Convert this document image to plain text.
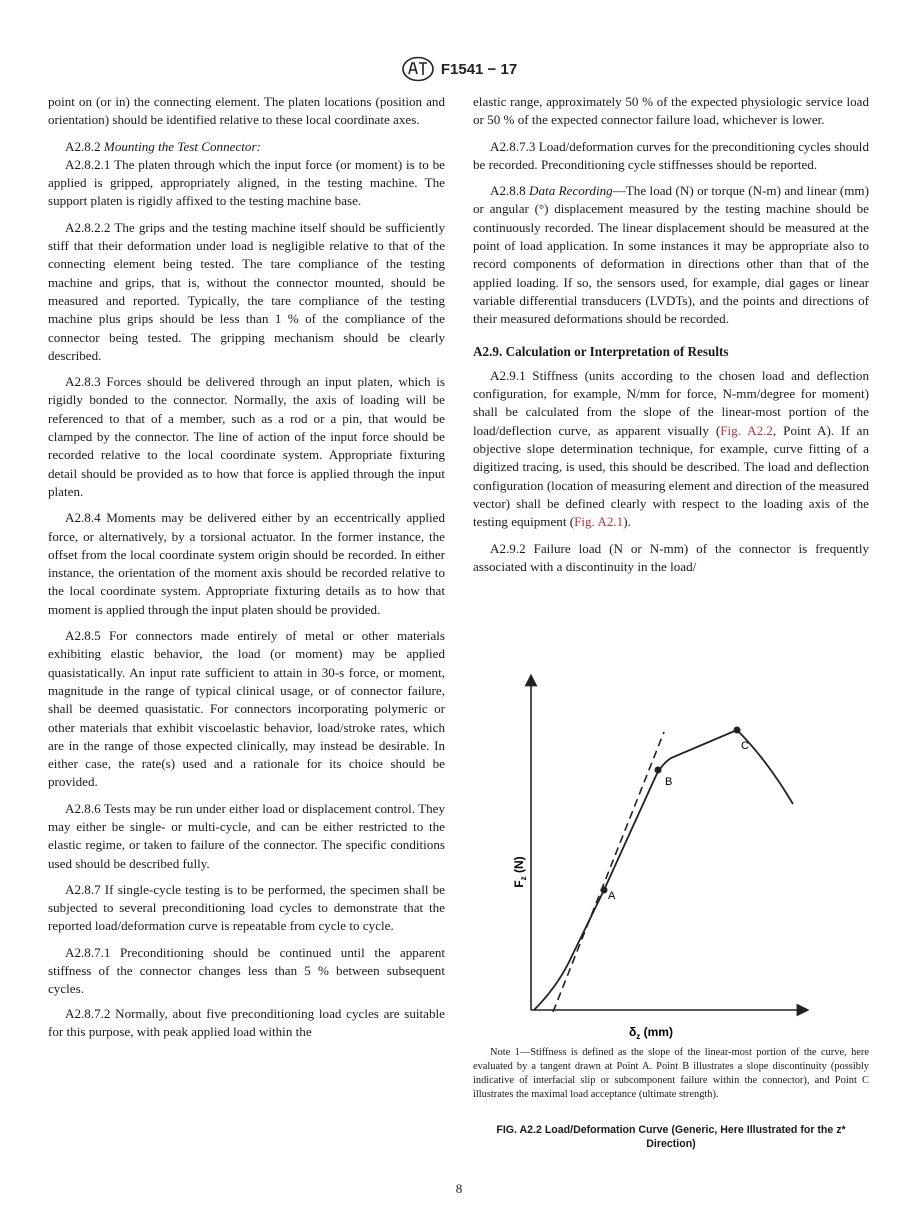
F1541 − 17

point on (or in) the connecting element. The platen locations (position and orientation) should be identified relative to these local coordinate axes.

A2.8.2 Mounting the Test Connector:

A2.8.2.1 The platen through which the input force (or moment) is to be applied is gripped, appropriately aligned, in the testing machine. The support platen is rigidly affixed to the testing machine base.

A2.8.2.2 The grips and the testing machine itself should be sufficiently stiff that their deformation under load is negligible relative to that of the connecting element being tested. The tare compliance of the testing machine and grips, that is, without the connector mounted, should be measured and reported. Typically, the tare compliance of the testing machine plus grips should be less than 1 % of the compliance of the connector being tested. The gripping mechanism should be clearly described.

A2.8.3 Forces should be delivered through an input platen, which is rigidly bonded to the connector. Normally, the axis of loading will be referenced to that of a member, such as a rod or a pin, that would be clamped by the connector. The line of action of the input force should be recorded relative to the local coordinate system. Appropriate fixturing detail should be provided as to how that force is applied through the input platen.

A2.8.4 Moments may be delivered either by an eccentrically applied force, or alternatively, by a torsional actuator. In the former instance, the offset from the local coordinate system origin should be recorded. In either instance, the orientation of the moment axis should be recorded relative to the local coordinate system. Appropriate fixturing details as to how that moment is applied through the input platen should be provided.

A2.8.5 For connectors made entirely of metal or other materials exhibiting elastic behavior, the load (or moment) may be applied quasistatically. An input rate sufficient to attain in 30-s force, or moment, magnitude in the range of typical clinical usage, or of connector failure, shall be deemed quasistatic. For connectors incorporating polymeric or other materials that exhibit viscoelastic behavior, load/stroke rates, which are in the range of those expected clinically, may instead be desirable. In either case, the rate(s) used and a rationale for its choice should be provided.

A2.8.6 Tests may be run under either load or displacement control. They may either be single- or multi-cycle, and can be either restricted to the elastic regime, or taken to failure of the connector. The specific conditions used should be described fully.

A2.8.7 If single-cycle testing is to be performed, the specimen shall be subjected to several preconditioning load cycles to demonstrate that the reported load/deformation curve is repeatable from cycle to cycle.

A2.8.7.1 Preconditioning should be continued until the apparent stiffness of the connector changes less than 5 % between subsequent cycles.

A2.8.7.2 Normally, about five preconditioning load cycles are suitable for this purpose, with peak applied load within the

elastic range, approximately 50 % of the expected physiologic service load or 50 % of the expected connector failure load, whichever is lower.

A2.8.7.3 Load/deformation curves for the preconditioning cycles should be recorded. Preconditioning cycle stiffnesses should be reported.

A2.8.8 Data Recording—The load (N) or torque (N-m) and linear (mm) or angular (°) displacement measured by the testing machine should be continuously recorded. The linear displacement should be measured at the point of load application. In some instances it may be appropriate also to record components of deformation in directions other than that of the applied loading. If so, the sensors used, for example, dial gages or linear variable differential transducers (LVDTs), and the points and directions of their measured deformations should be recorded.

A2.9. Calculation or Interpretation of Results

A2.9.1 Stiffness (units according to the chosen load and deflection configuration, for example, N/mm for force, N-mm/degree for moment) shall be calculated from the slope of the linear-most portion of the load/deflection curve, as apparent visually (Fig. A2.2, Point A). If an objective slope determination technique, for example, curve fitting of a digitized tracing, is used, this should be described. The load and deflection configuration (location of measuring element and direction of the measured vector) shall be defined clearly with respect to the loading axis of the testing equipment (Fig. A2.1).

A2.9.2 Failure load (N or N-mm) of the connector is frequently associated with a discontinuity in the load/

A
B
C
$F_z$ (N)
$\delta_z$ (mm)
Note 1—Stiffness is defined as the slope of the linear-most portion of the curve, here evaluated by a tangent drawn at Point A. Point B illustrates a slope discontinuity (possibly indicative of interfacial slip or subcomponent failure within the connector), and Point C illustrates the maximal load acceptance (ultimate strength).
FIG. A2.2 Load/Deformation Curve (Generic, Here Illustrated for the z* Direction)
8
